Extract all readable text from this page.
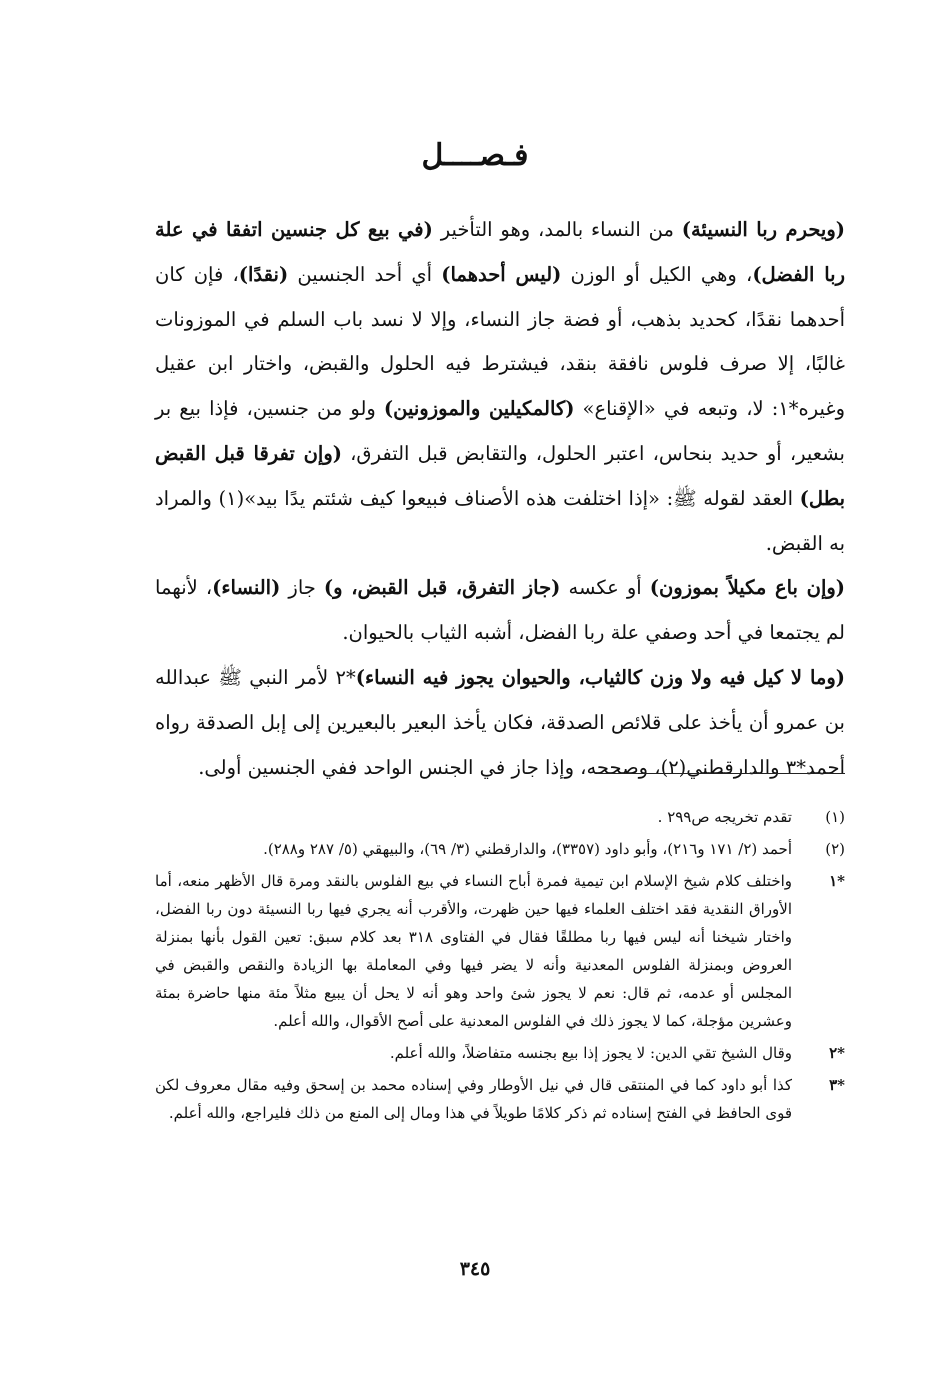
فـصــــل

(ويحرم ربا النسيئة) من النساء بالمد، وهو التأخير (في بيع كل جنسين اتفقا في علة ربا الفضل)، وهي الكيل أو الوزن (ليس أحدهما) أي أحد الجنسين (نقدًا)، فإن كان أحدهما نقدًا، كحديد بذهب، أو فضة جاز النساء، وإلا لا نسد باب السلم في الموزونات غالبًا، إلا صرف فلوس نافقة بنقد، فيشترط فيه الحلول والقبض، واختار ابن عقيل وغيره*١: لا، وتبعه في «الإقناع» (كالمكيلين والموزونين) ولو من جنسين، فإذا بيع بر بشعير، أو حديد بنحاس، اعتبر الحلول، والتقابض قبل التفرق، (وإن تفرقا قبل القبض بطل) العقد لقوله ﷺ: «إذا اختلفت هذه الأصناف فبيعوا كيف شئتم يدًا بيد»(١) والمراد به القبض.

(وإن باع مكيلاً بموزون) أو عكسه (جاز التفرق، قبل القبض، و) جاز (النساء)، لأنهما لم يجتمعا في أحد وصفي علة ربا الفضل، أشبه الثياب بالحيوان.

(وما لا كيل فيه ولا وزن كالثياب، والحيوان يجوز فيه النساء)*٢ لأمر النبي ﷺ عبدالله بن عمرو أن يأخذ على قلائص الصدقة، فكان يأخذ البعير بالبعيرين إلى إبل الصدقة رواه أحمد*٣ والدارقطني(٢)، وصححه، وإذا جاز في الجنس الواحد ففي الجنسين أولى.

(١)
تقدم تخريجه ص٢٩٩ .
(٢)
أحمد (٢/ ١٧١ و٢١٦)، وأبو داود (٣٣٥٧)، والدارقطني (٣/ ٦٩)، والبيهقي (٥/ ٢٨٧ و٢٨٨).
*١
واختلف كلام شيخ الإسلام ابن تيمية فمرة أباح النساء في بيع الفلوس بالنقد ومرة قال الأظهر منعه، أما الأوراق النقدية فقد اختلف العلماء فيها حين ظهرت، والأقرب أنه يجري فيها ربا النسيئة دون ربا الفضل، واختار شيخنا أنه ليس فيها ربا مطلقًا فقال في الفتاوى ٣١٨ بعد كلام سبق: تعين القول بأنها بمنزلة العروض وبمنزلة الفلوس المعدنية وأنه لا يضر فيها وفي المعاملة بها الزيادة والنقص والقبض في المجلس أو عدمه، ثم قال: نعم لا يجوز شئ واحد وهو أنه لا يحل أن يبيع مثلاً مئة منها حاضرة بمئة وعشرين مؤجلة، كما لا يجوز ذلك في الفلوس المعدنية على أصح الأقوال، والله أعلم.
*٢
وقال الشيخ تقي الدين: لا يجوز إذا بيع بجنسه متفاضلاً، والله أعلم.
*٣
كذا أبو داود كما في المنتقى قال في نيل الأوطار وفي إسناده محمد بن إسحق وفيه مقال معروف لكن قوى الحافظ في الفتح إسناده ثم ذكر كلامًا طويلاً في هذا ومال إلى المنع من ذلك فليراجع، والله أعلم.
٣٤٥
